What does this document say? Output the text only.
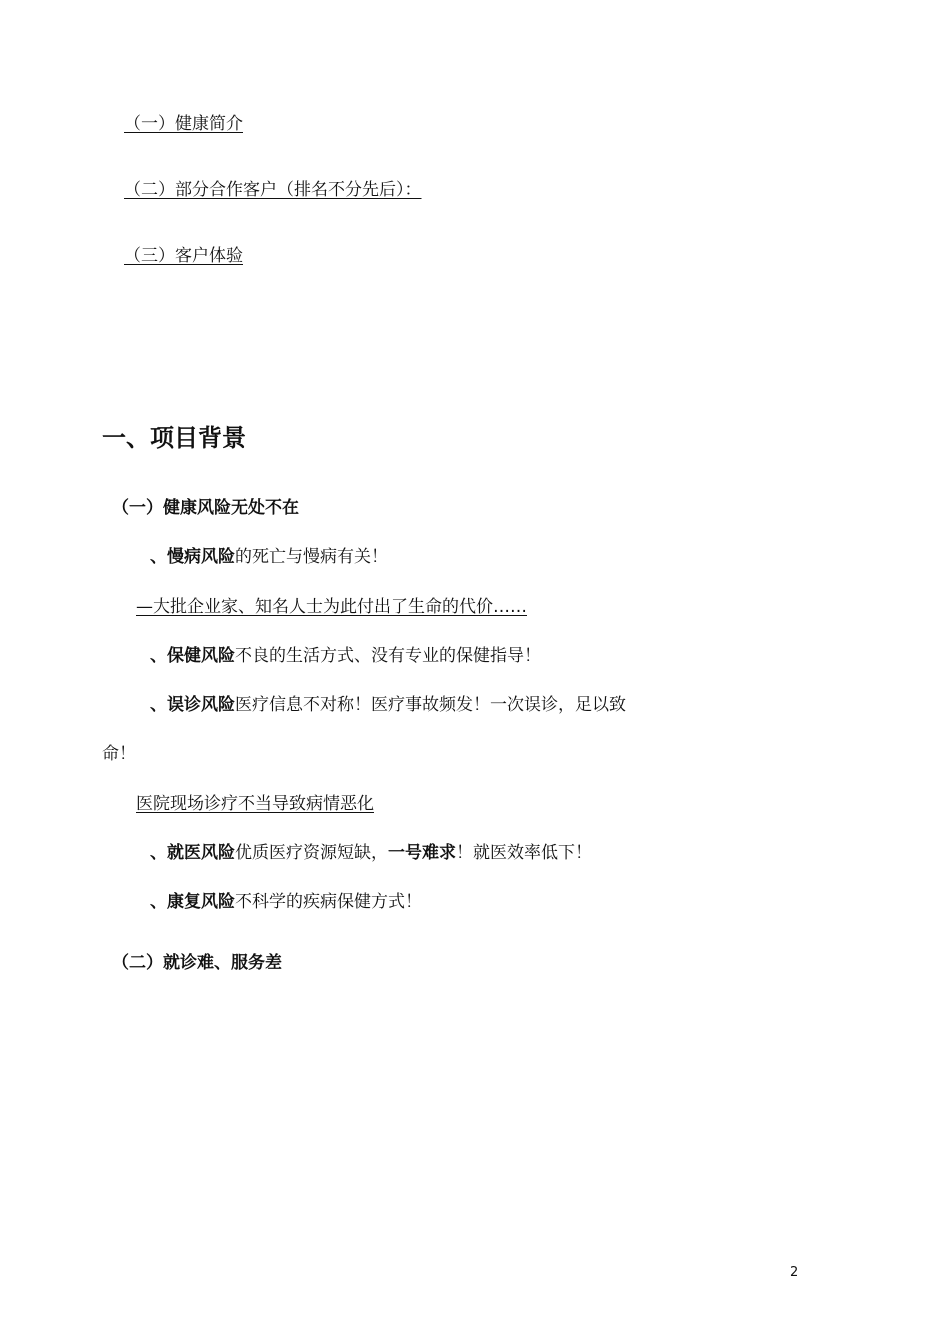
（一）健康简介
（二）部分合作客户（排名不分先后）：
（三）客户体验
一、项目背景
（一）健康风险无处不在
、慢病风险的死亡与慢病有关！
—大批企业家、知名人士为此付出了生命的代价……
、保健风险不良的生活方式、没有专业的保健指导！
、误诊风险医疗信息不对称！医疗事故频发！一次误诊，足以致
命！
医院现场诊疗不当导致病情恶化
、就医风险优质医疗资源短缺，一号难求！就医效率低下！
、康复风险不科学的疾病保健方式！
（二）就诊难、服务差
2
